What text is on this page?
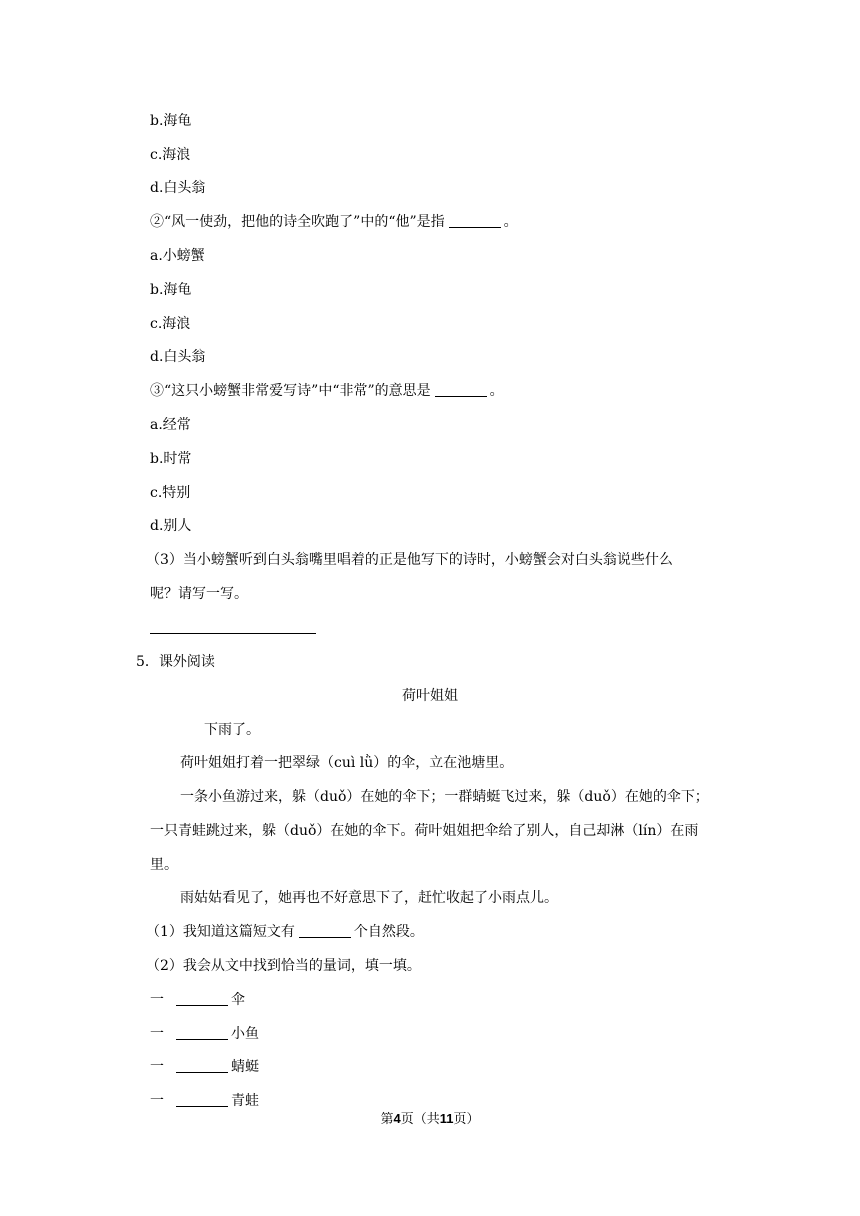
b.海龟
c.海浪
d.白头翁
②“风一使劲，把他的诗全吹跑了”中的“他”是指	。
a.小螃蟹
b.海龟
c.海浪
d.白头翁
③“这只小螃蟹非常爱写诗”中“非常”的意思是	。
a.经常
b.时常
c.特别
d.别人
（3）当小螃蟹听到白头翁嘴里唱着的正是他写下的诗时，小螃蟹会对白头翁说些什么
呢？请写一写。
5．课外阅读
荷叶姐姐
下雨了。
荷叶姐姐打着一把翠绿（cuì lǜ）的伞，立在池塘里。
一条小鱼游过来，躲（duǒ）在她的伞下；一群蜻蜓飞过来，躲（duǒ）在她的伞下；
一只青蛙跳过来，躲（duǒ）在她的伞下。荷叶姐姐把伞给了别人，自己却淋（lín）在雨
里。
雨姑姑看见了，她再也不好意思下了，赶忙收起了小雨点儿。
（1）我知道这篇短文有	个自然段。
（2）我会从文中找到恰当的量词，填一填。
一	伞
一	小鱼
一	蜻蜓
一	青蛙
第4页（共11页）
